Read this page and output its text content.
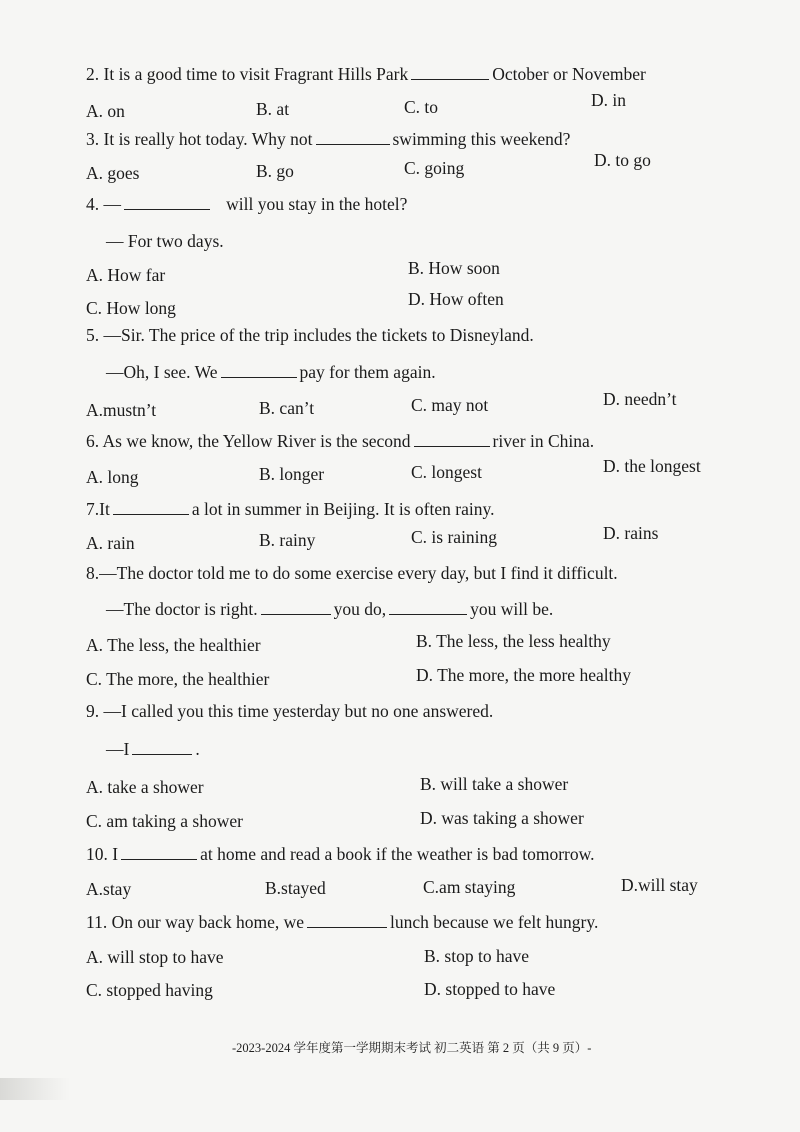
2. It is a good time to visit Fragrant Hills Park	October or November
A. on	B. at	C. to	D. in
3. It is really hot today. Why not	swimming this weekend?
A. goes	B. go	C. going	D. to go
4. —	will you stay in the hotel?
— For two days.
A. How far	B. How soon
C. How long	D. How often
5. —Sir. The price of the trip includes the tickets to Disneyland.
—Oh, I see. We	pay for them again.
A.mustn’t	B. can’t	C. may not	D. needn’t
6. As we know, the Yellow River is the second	river in China.
A. long	B. longer	C. longest	D. the longest
7.It	a lot in summer in Beijing. It is often rainy.
A. rain	B. rainy	C. is raining	D. rains
8.—The doctor told me to do some exercise every day, but I find it difficult.
—The doctor is right.	you do,	you will be.
A. The less, the healthier	B. The less, the less healthy
C. The more, the healthier	D. The more, the more healthy
9. —I called you this time yesterday but no one answered.
—I	.
A. take a shower	B. will take a shower
C. am taking a shower	D. was taking a shower
10. I	at home and read a book if the weather is bad tomorrow.
A.stay	B.stayed	C.am staying	D.will stay
11. On our way back home, we	lunch because we felt hungry.
A. will stop to have	B. stop to have
C. stopped having	D. stopped to have
-2023-2024 学年度第一学期期末考试 初二英语 第 2 页（共 9 页）-
